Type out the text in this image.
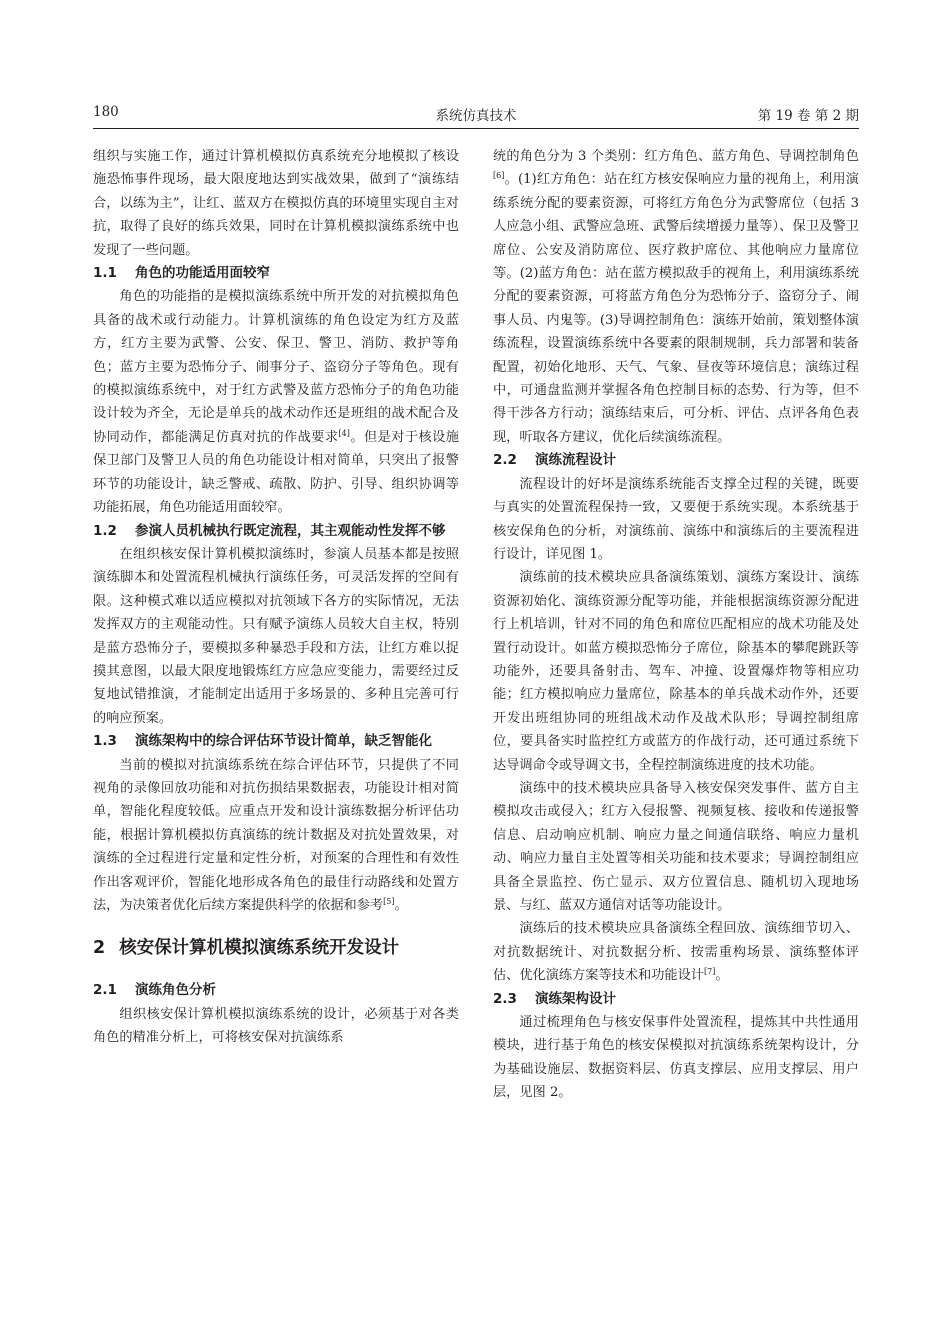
180	系统仿真技术	第 19 卷 第 2 期

组织与实施工作，通过计算机模拟仿真系统充分地模拟了核设施恐怖事件现场，最大限度地达到实战效果，做到了“演练结合，以练为主”，让红、蓝双方在模拟仿真的环境里实现自主对抗，取得了良好的练兵效果，同时在计算机模拟演练系统中也发现了一些问题。

1.1	角色的功能适用面较窄

角色的功能指的是模拟演练系统中所开发的对抗模拟角色具备的战术或行动能力。计算机演练的角色设定为红方及蓝方，红方主要为武警、公安、保卫、警卫、消防、救护等角色；蓝方主要为恐怖分子、闹事分子、盗窃分子等角色。现有的模拟演练系统中，对于红方武警及蓝方恐怖分子的角色功能设计较为齐全，无论是单兵的战术动作还是班组的战术配合及协同动作，都能满足仿真对抗的作战要求[4]。但是对于核设施保卫部门及警卫人员的角色功能设计相对简单，只突出了报警环节的功能设计，缺乏警戒、疏散、防护、引导、组织协调等功能拓展，角色功能适用面较窄。

1.2	参演人员机械执行既定流程，其主观能动性发挥不够

在组织核安保计算机模拟演练时，参演人员基本都是按照演练脚本和处置流程机械执行演练任务，可灵活发挥的空间有限。这种模式难以适应模拟对抗领域下各方的实际情况，无法发挥双方的主观能动性。只有赋予演练人员较大自主权，特别是蓝方恐怖分子，要模拟多种暴恐手段和方法，让红方难以捉摸其意图，以最大限度地锻炼红方应急应变能力，需要经过反复地试错推演，才能制定出适用于多场景的、多种且完善可行的响应预案。

1.3	演练架构中的综合评估环节设计简单，缺乏智能化

当前的模拟对抗演练系统在综合评估环节，只提供了不同视角的录像回放功能和对抗伤损结果数据表，功能设计相对简单，智能化程度较低。应重点开发和设计演练数据分析评估功能，根据计算机模拟仿真演练的统计数据及对抗处置效果，对演练的全过程进行定量和定性分析，对预案的合理性和有效性作出客观评价，智能化地形成各角色的最佳行动路线和处置方法，为决策者优化后续方案提供科学的依据和参考[5]。

2 核安保计算机模拟演练系统开发设计
2.1	演练角色分析

组织核安保计算机模拟演练系统的设计，必须基于对各类角色的精准分析上，可将核安保对抗演练系

统的角色分为 3 个类别：红方角色、蓝方角色、导调控制角色[6]。(1)红方角色：站在红方核安保响应力量的视角上，利用演练系统分配的要素资源，可将红方角色分为武警席位（包括 3 人应急小组、武警应急班、武警后续增援力量等）、保卫及警卫席位、公安及消防席位、医疗救护席位、其他响应力量席位等。(2)蓝方角色：站在蓝方模拟敌手的视角上，利用演练系统分配的要素资源，可将蓝方角色分为恐怖分子、盗窃分子、闹事人员、内鬼等。(3)导调控制角色：演练开始前，策划整体演练流程，设置演练系统中各要素的限制规制，兵力部署和装备配置，初始化地形、天气、气象、昼夜等环境信息；演练过程中，可通盘监测并掌握各角色控制目标的态势、行为等，但不得干涉各方行动；演练结束后，可分析、评估、点评各角色表现，听取各方建议，优化后续演练流程。

2.2	演练流程设计

流程设计的好坏是演练系统能否支撑全过程的关键，既要与真实的处置流程保持一致，又要便于系统实现。本系统基于核安保角色的分析，对演练前、演练中和演练后的主要流程进行设计，详见图 1。

演练前的技术模块应具备演练策划、演练方案设计、演练资源初始化、演练资源分配等功能，并能根据演练资源分配进行上机培训，针对不同的角色和席位匹配相应的战术功能及处置行动设计。如蓝方模拟恐怖分子席位，除基本的攀爬跳跃等功能外，还要具备射击、驾车、冲撞、设置爆炸物等相应功能；红方模拟响应力量席位，除基本的单兵战术动作外，还要开发出班组协同的班组战术动作及战术队形；导调控制组席位，要具备实时监控红方或蓝方的作战行动，还可通过系统下达导调命令或导调文书，全程控制演练进度的技术功能。

演练中的技术模块应具备导入核安保突发事件、蓝方自主模拟攻击或侵入；红方入侵报警、视频复核、接收和传递报警信息、启动响应机制、响应力量之间通信联络、响应力量机动、响应力量自主处置等相关功能和技术要求；导调控制组应具备全景监控、伤亡显示、双方位置信息、随机切入现地场景、与红、蓝双方通信对话等功能设计。

演练后的技术模块应具备演练全程回放、演练细节切入、对抗数据统计、对抗数据分析、按需重构场景、演练整体评估、优化演练方案等技术和功能设计[7]。

2.3	演练架构设计

通过梳理角色与核安保事件处置流程，提炼其中共性通用模块，进行基于角色的核安保模拟对抗演练系统架构设计，分为基础设施层、数据资料层、仿真支撑层、应用支撑层、用户层，见图 2。
